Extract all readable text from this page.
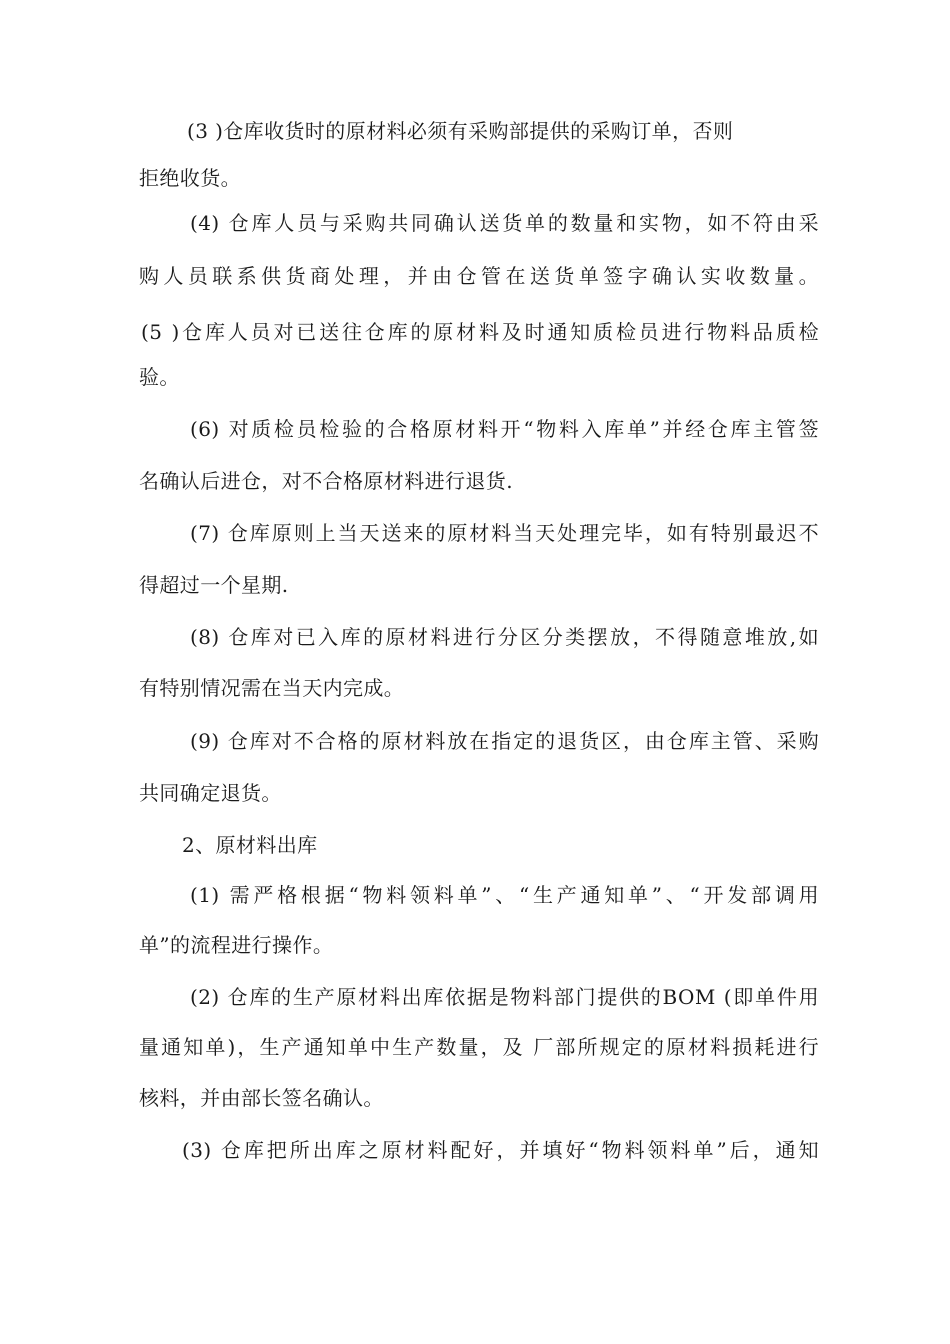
(3 )仓库收货时的原材料必须有采购部提供的采购订单，否则
拒绝收货。
(4) 仓库人员与采购共同确认送货单的数量和实物，如不符由采
购人员联系供货商处理，并由仓管在送货单签字确认实收数量。
(5 )仓库人员对已送往仓库的原材料及时通知质检员进行物料品质检
验。
(6) 对质检员检验的合格原材料开“物料入库单”并经仓库主管签
名确认后进仓，对不合格原材料进行退货.
(7) 仓库原则上当天送来的原材料当天处理完毕，如有特别最迟不
得超过一个星期.
(8) 仓库对已入库的原材料进行分区分类摆放，不得随意堆放,如
有特别情况需在当天内完成。
(9) 仓库对不合格的原材料放在指定的退货区，由仓库主管、采购
共同确定退货。
2、原材料出库
(1) 需严格根据“物料领料单”、“生产通知单”、“开发部调用
单”的流程进行操作。
(2) 仓库的生产原材料出库依据是物料部门提供的BOM (即单件用
量通知单)，生产通知单中生产数量，及 厂部所规定的原材料损耗进行
核料，并由部长签名确认。
(3) 仓库把所出库之原材料配好，并填好“物料领料单”后，通知
